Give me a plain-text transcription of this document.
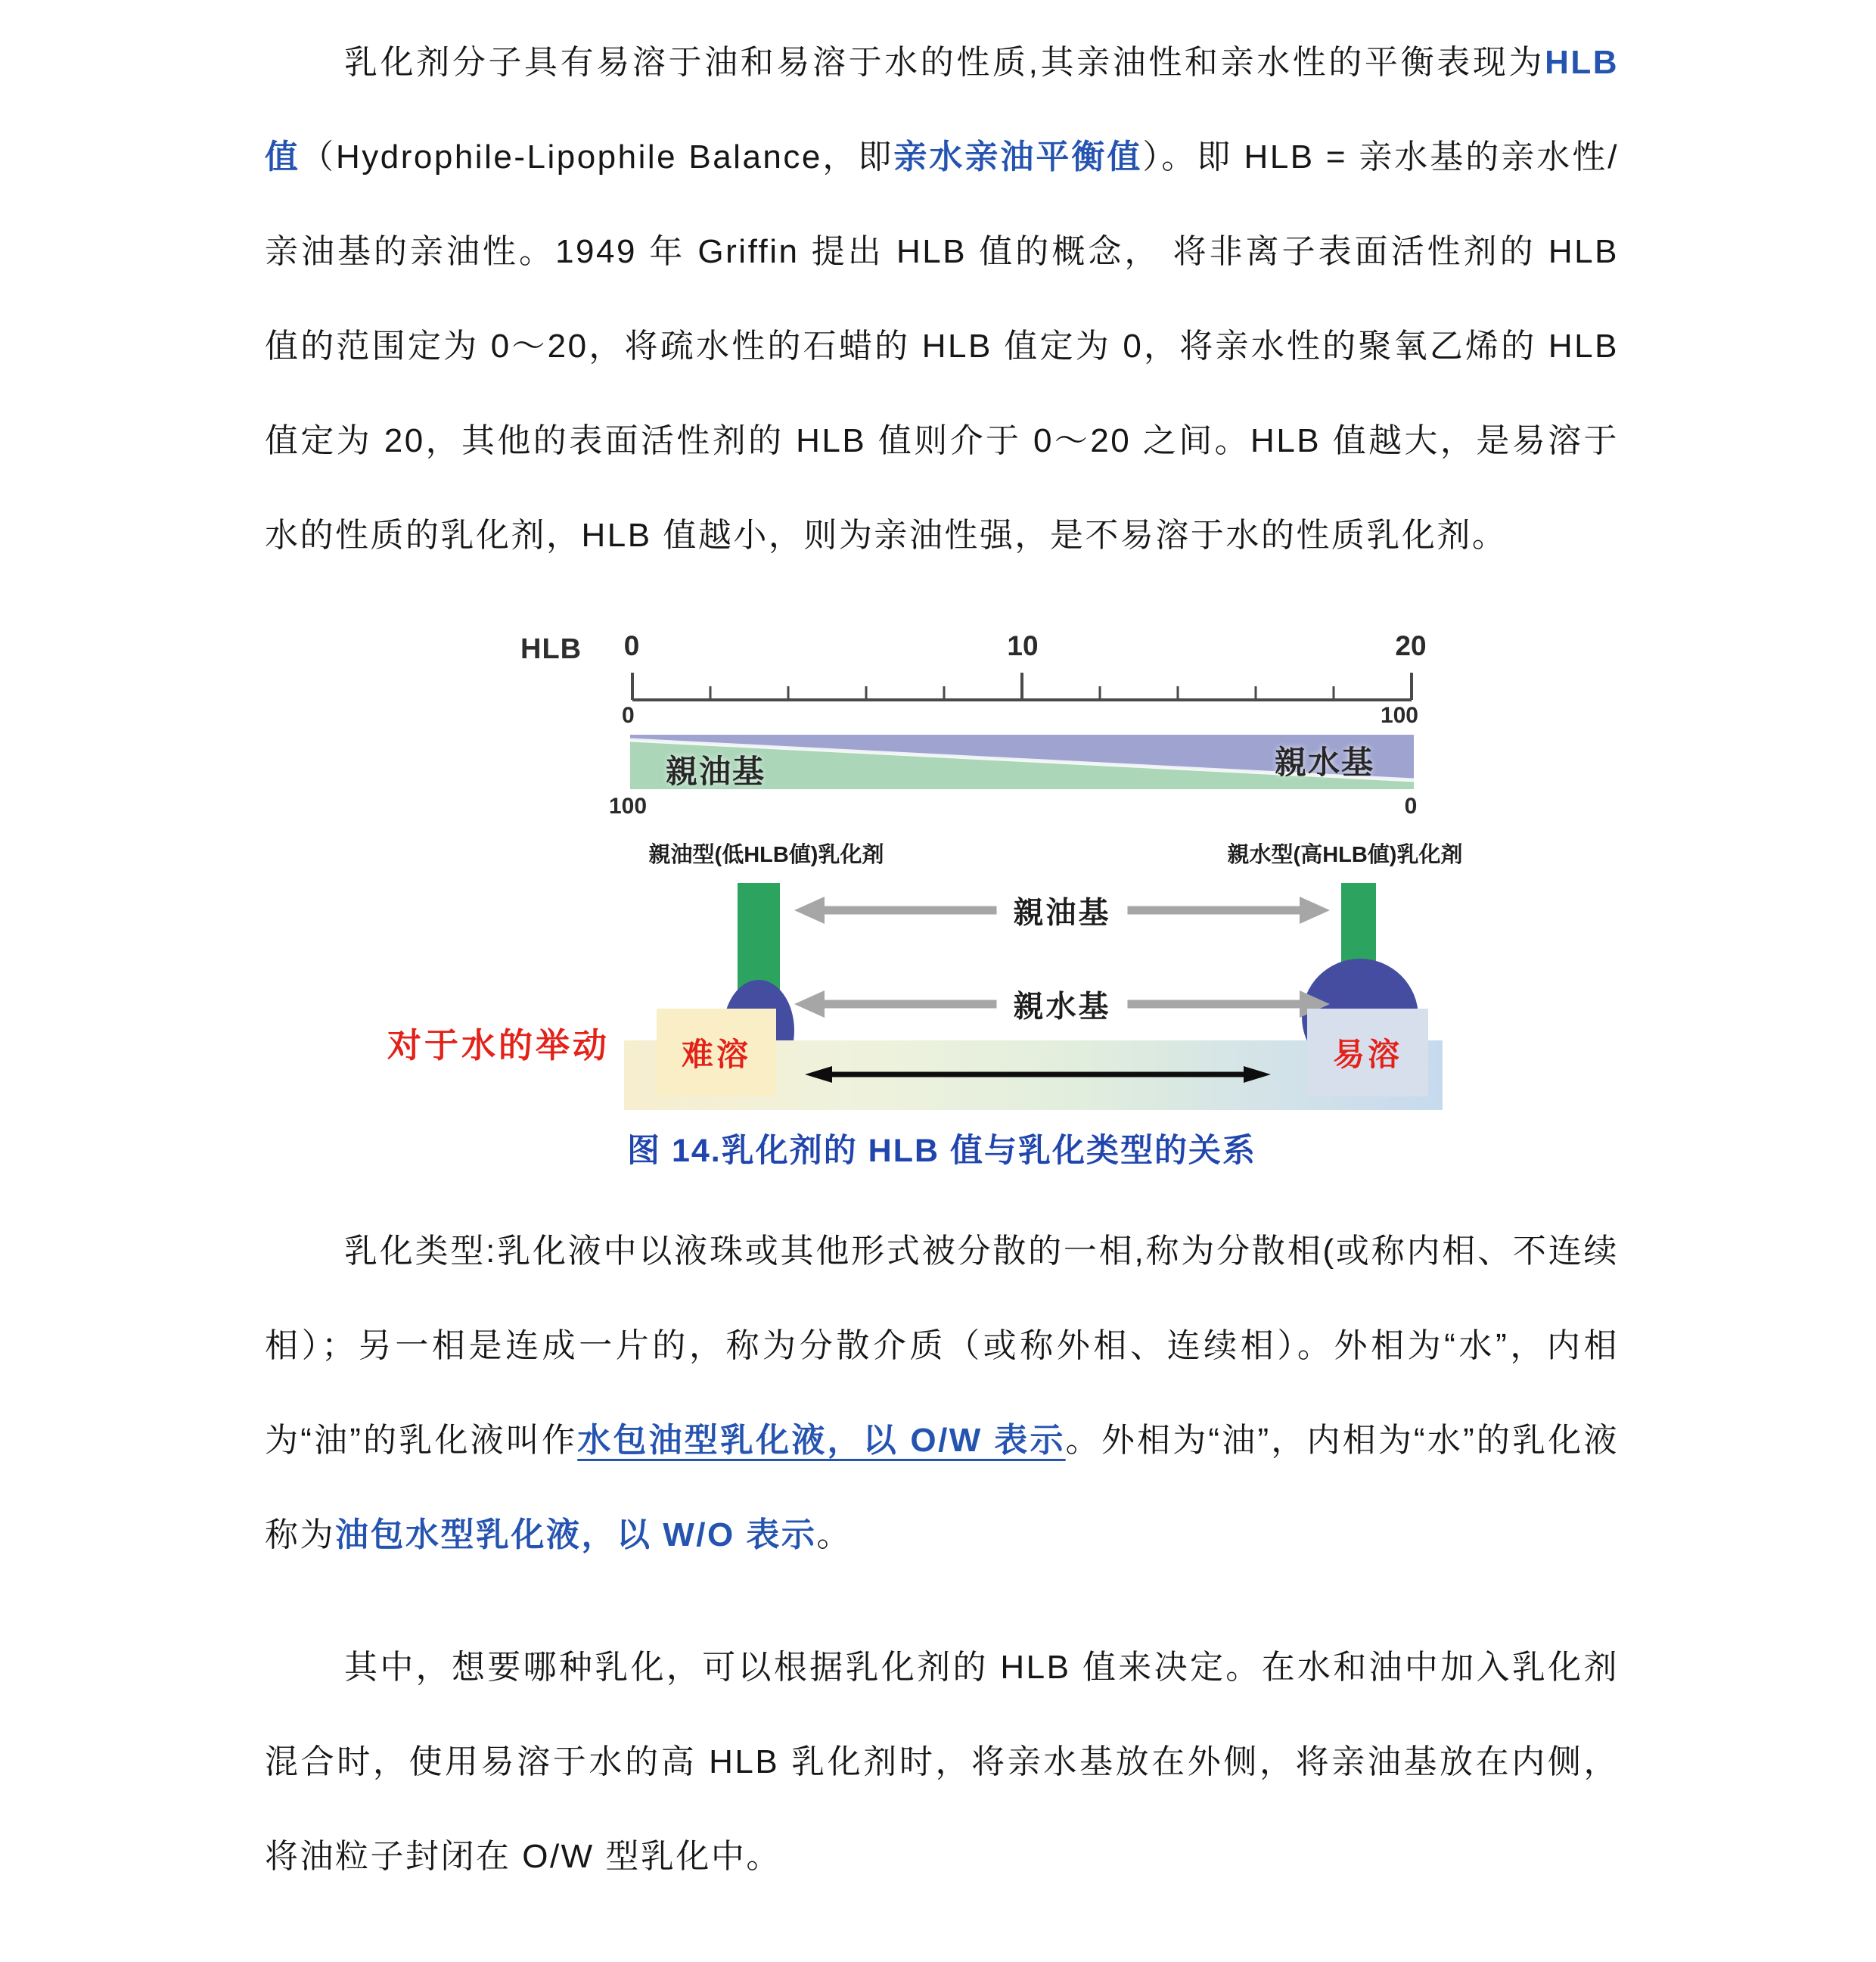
乳化剂分子具有易溶于油和易溶于水的性质,其亲油性和亲水性的平衡表现为HLB 值（Hydrophile-Lipophile Balance，即亲水亲油平衡值）。即 HLB = 亲水基的亲水性/亲油基的亲油性。1949 年 Griffin 提出 HLB 值的概念， 将非离子表面活性剂的 HLB 值的范围定为 0～20，将疏水性的石蜡的 HLB 值定为 0，将亲水性的聚氧乙烯的 HLB 值定为 20，其他的表面活性剂的 HLB 值则介于 0～20 之间。HLB 值越大，是易溶于水的性质的乳化剂，HLB 值越小，则为亲油性强，是不易溶于水的性质乳化剂。

HLB	0	10	20
0	100
親油基	親水基
100	0
親油型(低HLB値)乳化剤	親水型(高HLB値)乳化剤
親油基
親水基
难溶	易溶
对于水的举动
图 14.乳化剂的 HLB 值与乳化类型的关系

乳化类型:乳化液中以液珠或其他形式被分散的一相,称为分散相(或称内相、不连续相）；另一相是连成一片的，称为分散介质（或称外相、连续相）。外相为“水”，内相为“油”的乳化液叫作水包油型乳化液，以 O/W 表示。外相为“油”，内相为“水”的乳化液称为油包水型乳化液，以 W/O 表示。

其中，想要哪种乳化，可以根据乳化剂的 HLB 值来决定。在水和油中加入乳化剂混合时，使用易溶于水的高 HLB 乳化剂时，将亲水基放在外侧，将亲油基放在内侧，将油粒子封闭在 O/W 型乳化中。
